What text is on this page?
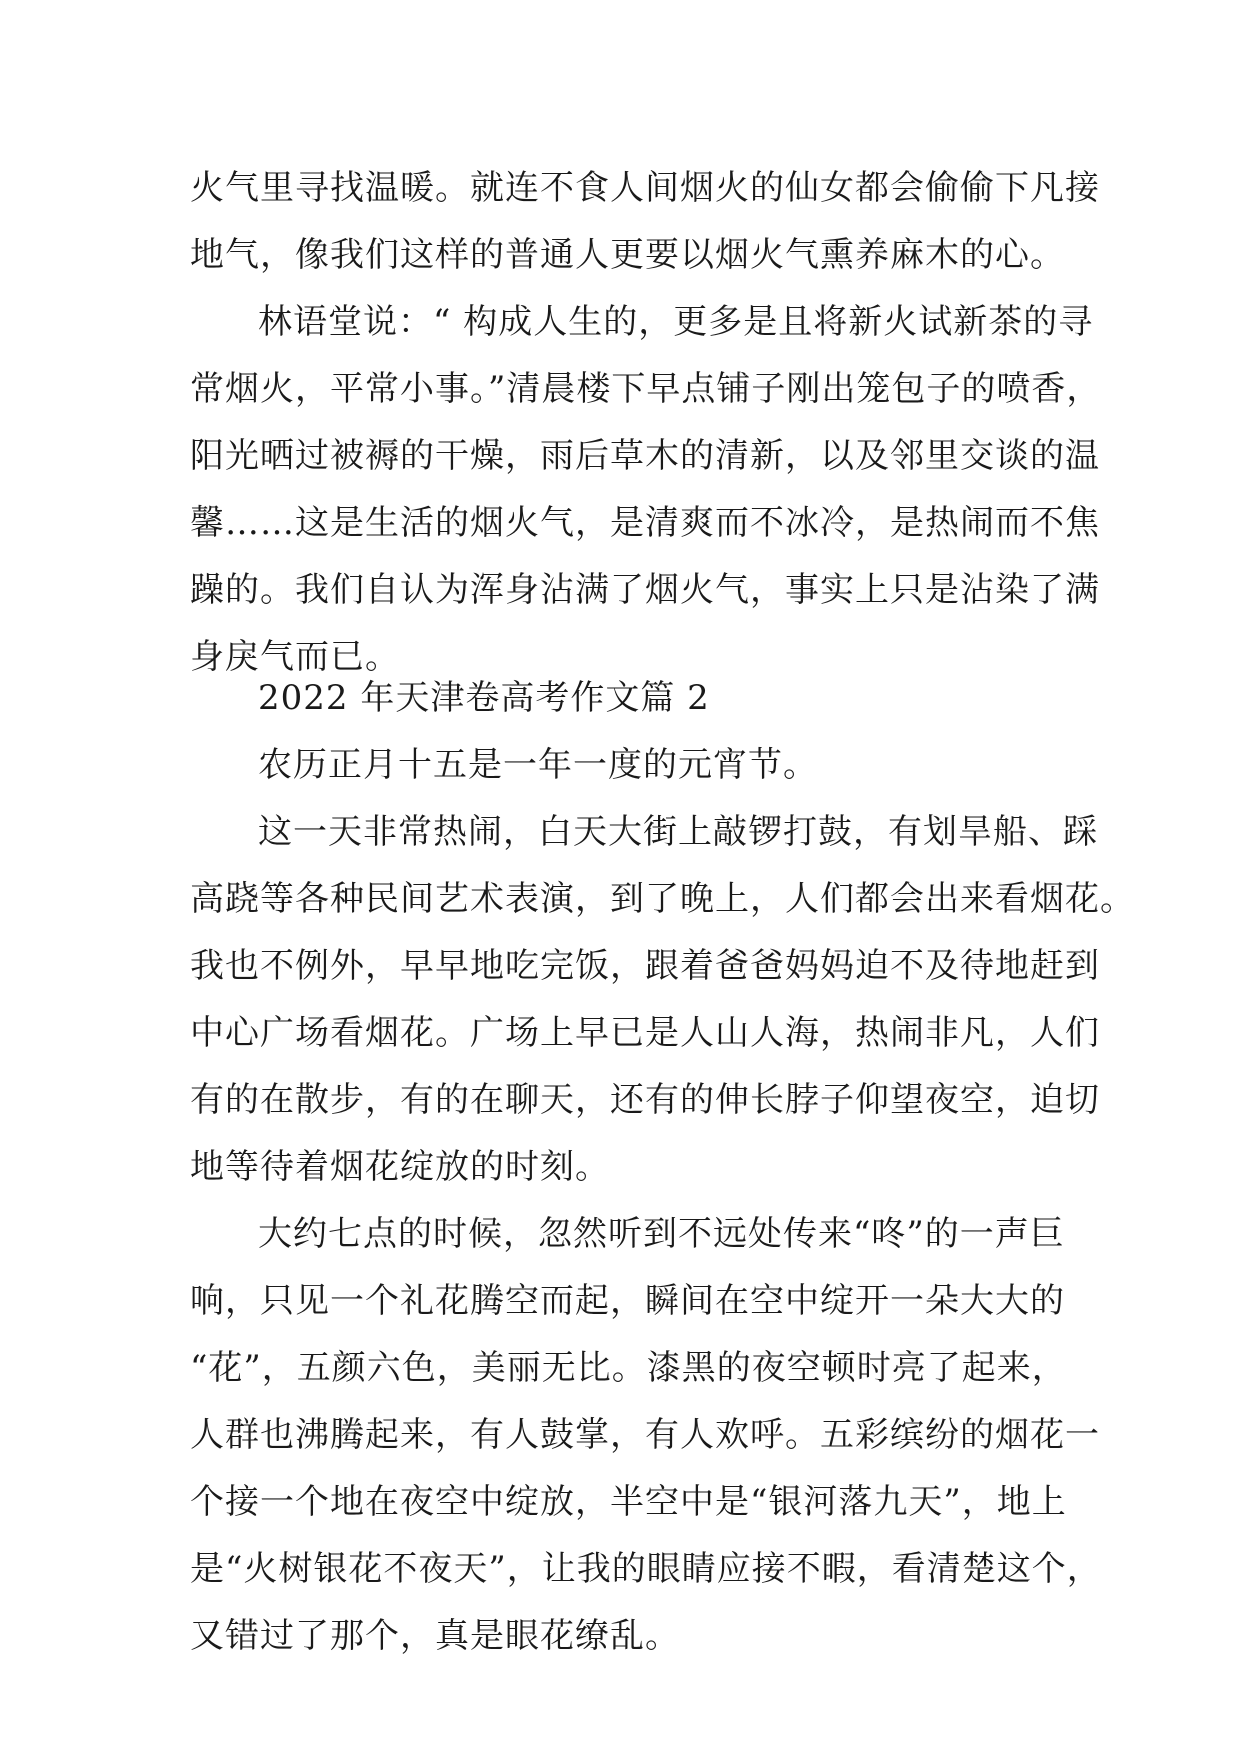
火气里寻找温暖。就连不食人间烟火的仙女都会偷偷下凡接
地气，像我们这样的普通人更要以烟火气熏养麻木的心。
林语堂说：“ 构成人生的，更多是且将新火试新茶的寻
常烟火，平常小事。”清晨楼下早点铺子刚出笼包子的喷香，
阳光晒过被褥的干燥，雨后草木的清新，以及邻里交谈的温
馨……这是生活的烟火气，是清爽而不冰冷，是热闹而不焦
躁的。我们自认为浑身沾满了烟火气，事实上只是沾染了满
身戾气而已。
2022 年天津卷高考作文篇 2
农历正月十五是一年一度的元宵节。
这一天非常热闹，白天大街上敲锣打鼓，有划旱船、踩
高跷等各种民间艺术表演，到了晚上，人们都会出来看烟花。
我也不例外，早早地吃完饭，跟着爸爸妈妈迫不及待地赶到
中心广场看烟花。广场上早已是人山人海，热闹非凡，人们
有的在散步，有的在聊天，还有的伸长脖子仰望夜空，迫切
地等待着烟花绽放的时刻。
大约七点的时候，忽然听到不远处传来“咚”的一声巨
响，只见一个礼花腾空而起，瞬间在空中绽开一朵大大的
“花”，五颜六色，美丽无比。漆黑的夜空顿时亮了起来，
人群也沸腾起来，有人鼓掌，有人欢呼。五彩缤纷的烟花一
个接一个地在夜空中绽放，半空中是“银河落九天”，地上
是“火树银花不夜天”，让我的眼睛应接不暇，看清楚这个，
又错过了那个，真是眼花缭乱。
